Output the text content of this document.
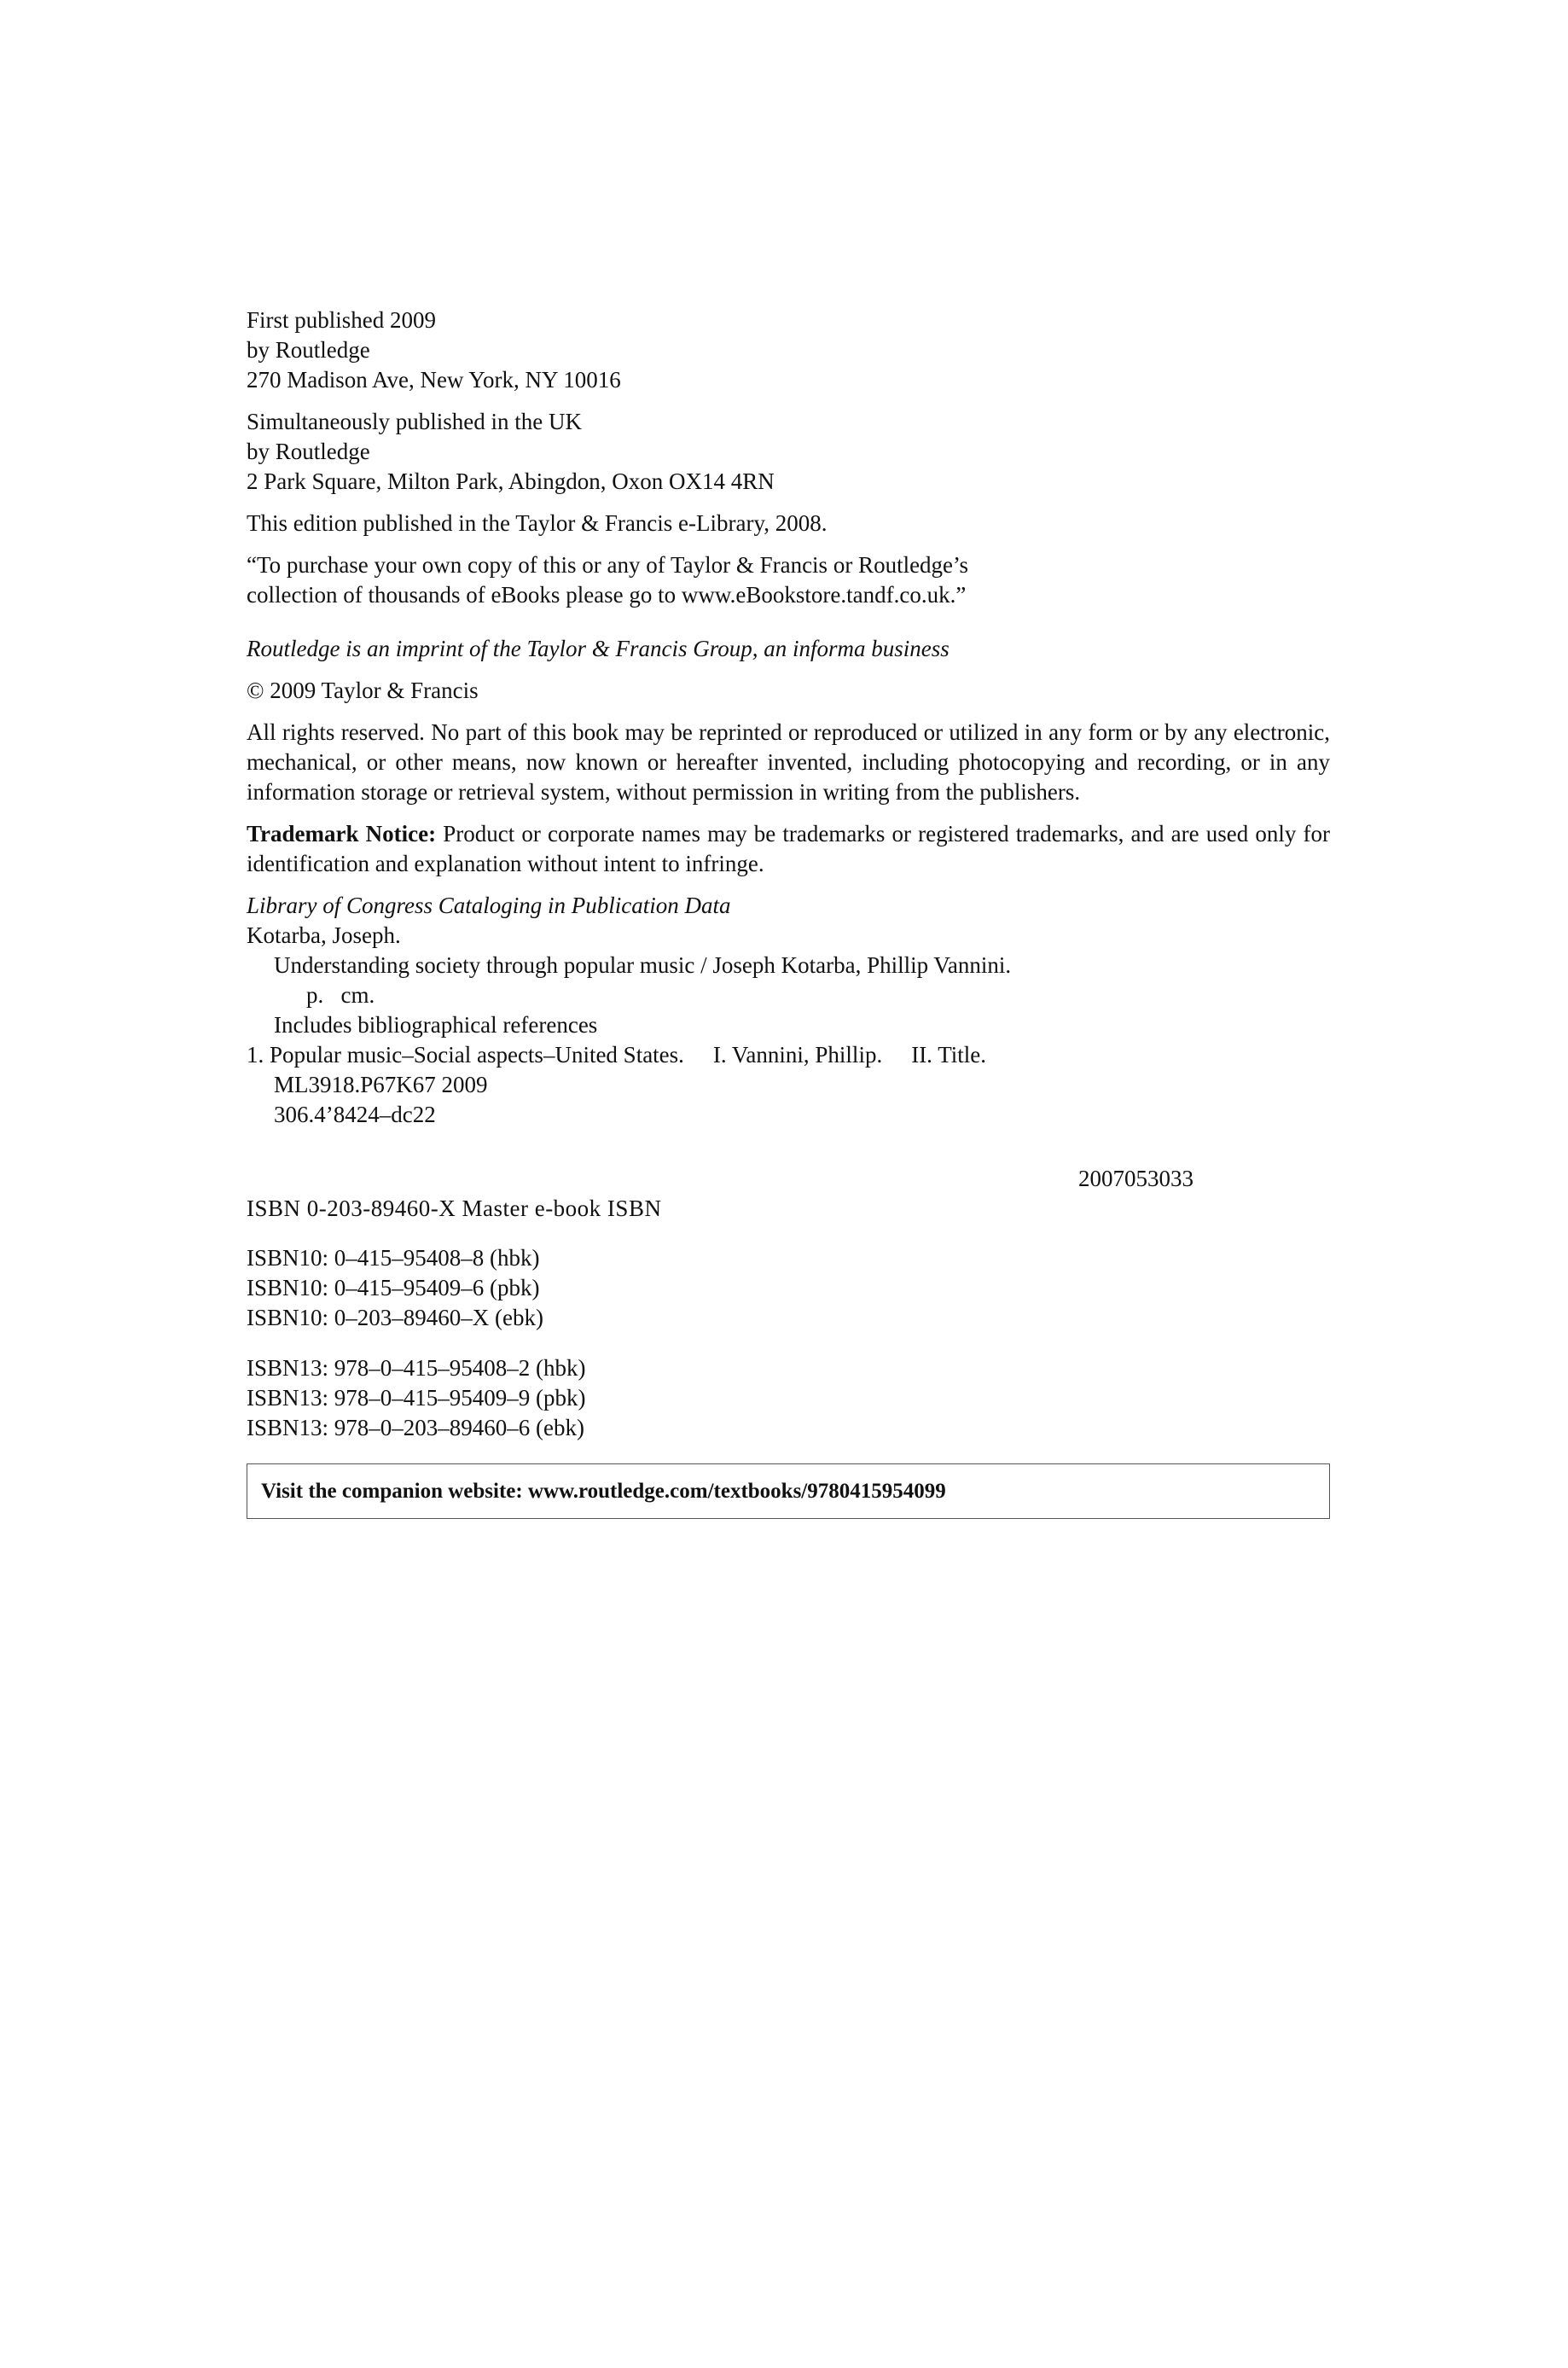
First published 2009
by Routledge
270 Madison Ave, New York, NY 10016
Simultaneously published in the UK
by Routledge
2 Park Square, Milton Park, Abingdon, Oxon OX14 4RN
This edition published in the Taylor & Francis e-Library, 2008.
“To purchase your own copy of this or any of Taylor & Francis or Routledge’s
collection of thousands of eBooks please go to www.eBookstore.tandf.co.uk.”
Routledge is an imprint of the Taylor & Francis Group, an informa business
© 2009 Taylor & Francis
All rights reserved. No part of this book may be reprinted or reproduced or utilized in any form or by any electronic, mechanical, or other means, now known or hereafter invented, including photocopying and recording, or in any information storage or retrieval system, without permission in writing from the publishers.
Trademark Notice: Product or corporate names may be trademarks or registered trademarks, and are used only for identification and explanation without intent to infringe.
Library of Congress Cataloging in Publication Data
Kotarba, Joseph.
Understanding society through popular music / Joseph Kotarba, Phillip Vannini.
p.   cm.
Includes bibliographical references
1. Popular music–Social aspects–United States. I. Vannini, Phillip. II. Title.
ML3918.P67K67 2009
306.4’8424–dc22
ISBN 0-203-89460-X Master e-book ISBN
2007053033
ISBN10: 0–415–95408–8 (hbk)
ISBN10: 0–415–95409–6 (pbk)
ISBN10: 0–203–89460–X (ebk)
ISBN13: 978–0–415–95408–2 (hbk)
ISBN13: 978–0–415–95409–9 (pbk)
ISBN13: 978–0–203–89460–6 (ebk)
Visit the companion website: www.routledge.com/textbooks/9780415954099
